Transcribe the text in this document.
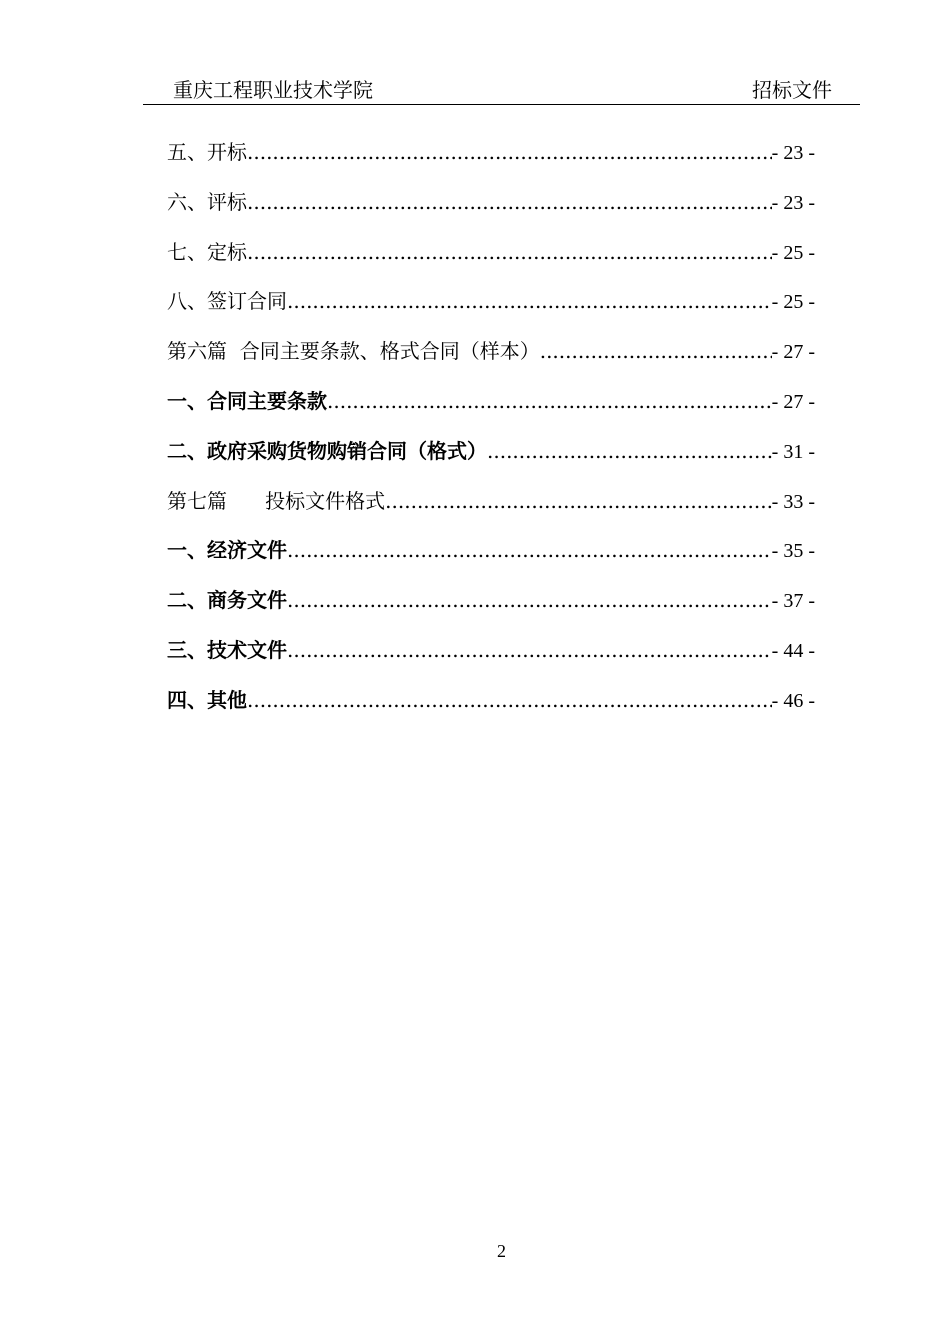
重庆工程职业技术学院	招标文件
五、开标 .....	- 23 -
六、评标 .....	- 23 -
七、定标 .....	- 25 -
八、签订合同 .....	- 25 -
第六篇  合同主要条款、格式合同（样本） .....	- 27 -
一、合同主要条款 .....	- 27 -
二、政府采购货物购销合同（格式） .....	- 31 -
第七篇      投标文件格式 .....	- 33 -
一、经济文件 .....	- 35 -
二、商务文件 .....	- 37 -
三、技术文件 .....	- 44 -
四、其他 .....	- 46 -
2
